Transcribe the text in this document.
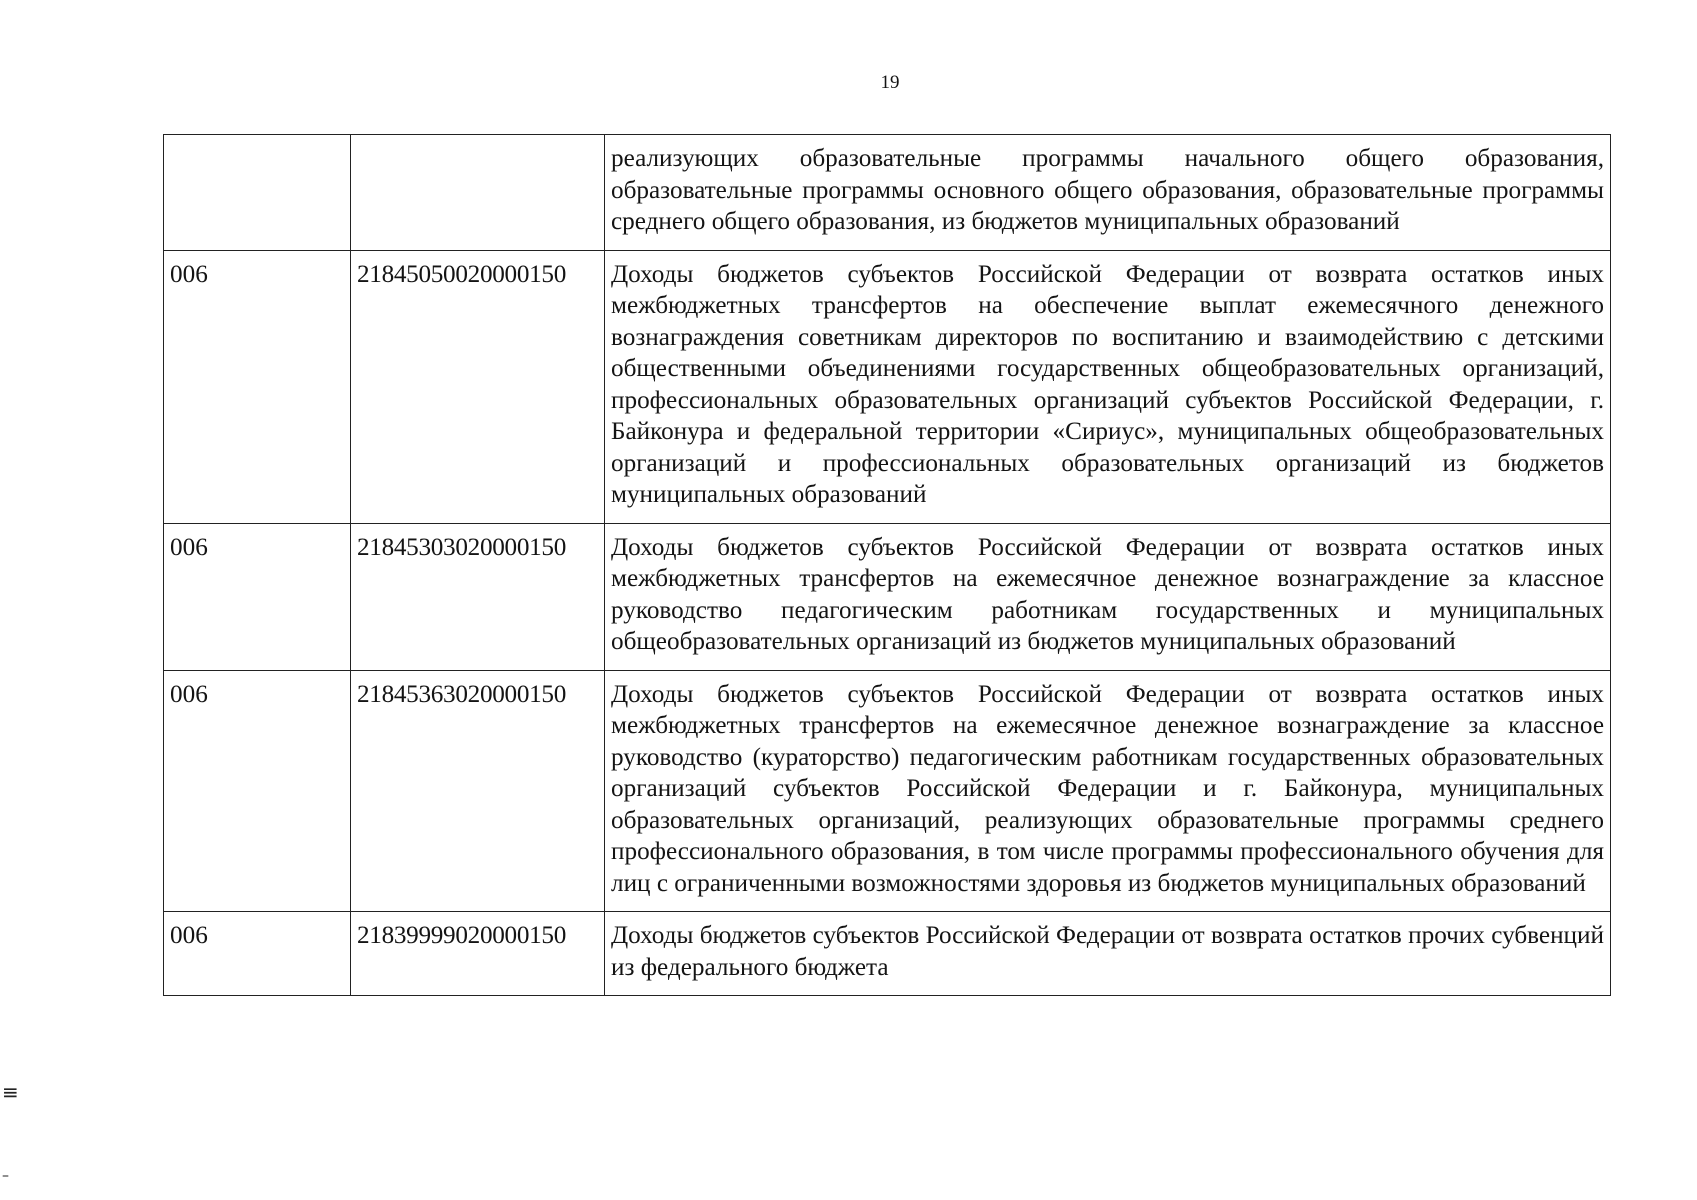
19
		реализующих образовательные программы начального общего образования, образовательные программы основного общего образования, образовательные программы среднего общего образования, из бюджетов муниципальных образований
006	21845050020000150	Доходы бюджетов субъектов Российской Федерации от возврата остатков иных межбюджетных трансфертов на обеспечение выплат ежемесячного денежного вознаграждения советникам директоров по воспитанию и взаимодействию с детскими общественными объединениями государственных общеобразовательных организаций, профессиональных образовательных организаций субъектов Российской Федерации, г. Байконура и федеральной территории «Сириус», муниципальных общеобразовательных организаций и профессиональных образовательных организаций из бюджетов муниципальных образований
006	21845303020000150	Доходы бюджетов субъектов Российской Федерации от возврата остатков иных межбюджетных трансфертов на ежемесячное денежное вознаграждение за классное руководство педагогическим работникам государственных и муниципальных общеобразовательных организаций из бюджетов муниципальных образований
006	21845363020000150	Доходы бюджетов субъектов Российской Федерации от возврата остатков иных межбюджетных трансфертов на ежемесячное денежное вознаграждение за классное руководство (кураторство) педагогическим работникам государственных образовательных организаций субъектов Российской Федерации и г. Байконура, муниципальных образовательных организаций, реализующих образовательные программы среднего профессионального образования, в том числе программы профессионального обучения для лиц с ограниченными возможностями здоровья из бюджетов муниципальных образований
006	21839999020000150	Доходы бюджетов субъектов Российской Федерации от возврата остатков прочих субвенций из федерального бюджета
≡
–
